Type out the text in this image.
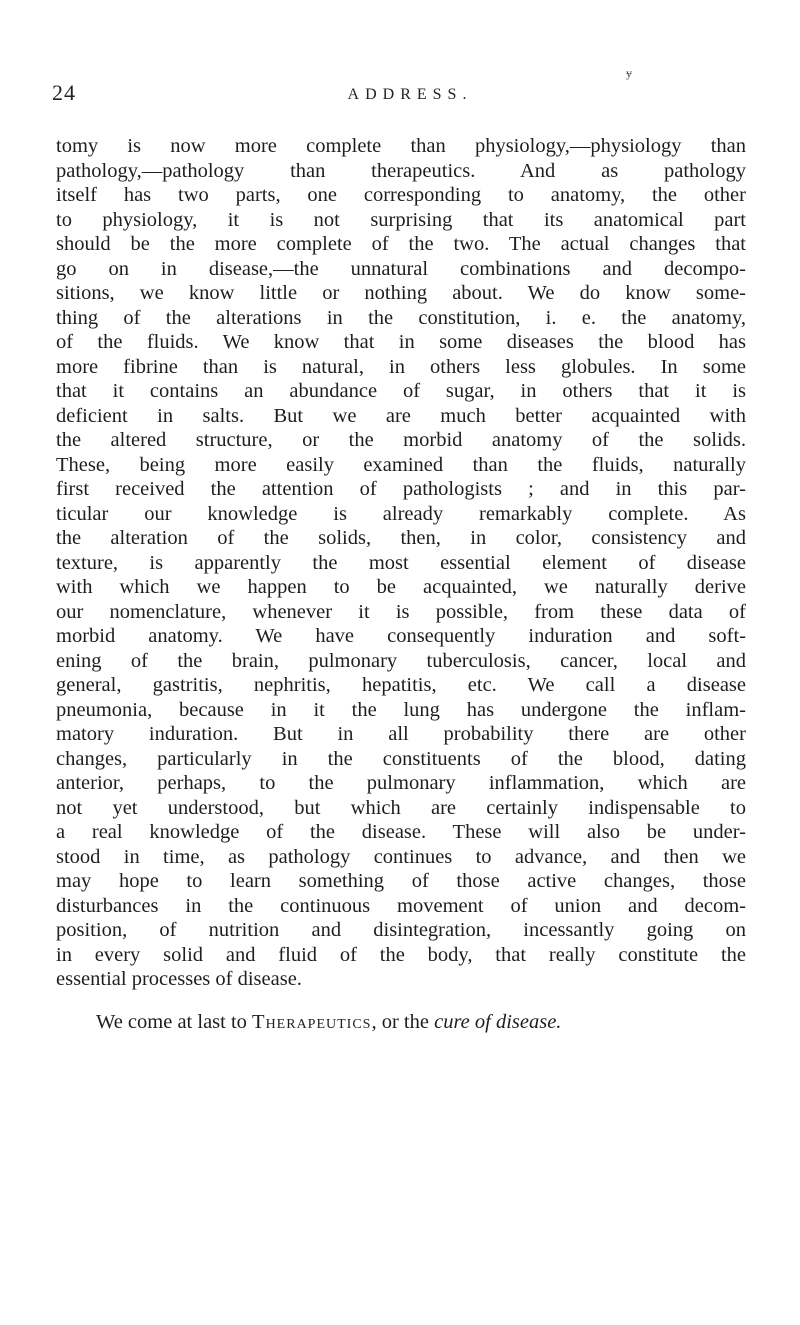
24	ADDRESS.
ɏ
tomy is now more complete than physiology,—physiology than
pathology,—pathology than therapeutics. And as pathology
itself has two parts, one corresponding to anatomy, the other
to physiology, it is not surprising that its anatomical part
should be the more complete of the two. The actual changes that
go on in disease,—the unnatural combinations and decompo-
sitions, we know little or nothing about. We do know some-
thing of the alterations in the constitution, i. e. the anatomy,
of the fluids. We know that in some diseases the blood has
more fibrine than is natural, in others less globules. In some
that it contains an abundance of sugar, in others that it is
deficient in salts. But we are much better acquainted with
the altered structure, or the morbid anatomy of the solids.
These, being more easily examined than the fluids, naturally
first received the attention of pathologists ; and in this par-
ticular our knowledge is already remarkably complete. As
the alteration of the solids, then, in color, consistency and
texture, is apparently the most essential element of disease
with which we happen to be acquainted, we naturally derive
our nomenclature, whenever it is possible, from these data of
morbid anatomy. We have consequently induration and soft-
ening of the brain, pulmonary tuberculosis, cancer, local and
general, gastritis, nephritis, hepatitis, etc. We call a disease
pneumonia, because in it the lung has undergone the inflam-
matory induration. But in all probability there are other
changes, particularly in the constituents of the blood, dating
anterior, perhaps, to the pulmonary inflammation, which are
not yet understood, but which are certainly indispensable to
a real knowledge of the disease. These will also be under-
stood in time, as pathology continues to advance, and then we
may hope to learn something of those active changes, those
disturbances in the continuous movement of union and decom-
position, of nutrition and disintegration, incessantly going on
in every solid and fluid of the body, that really constitute the
essential processes of disease.
We come at last to Therapeutics, or the cure of disease.
